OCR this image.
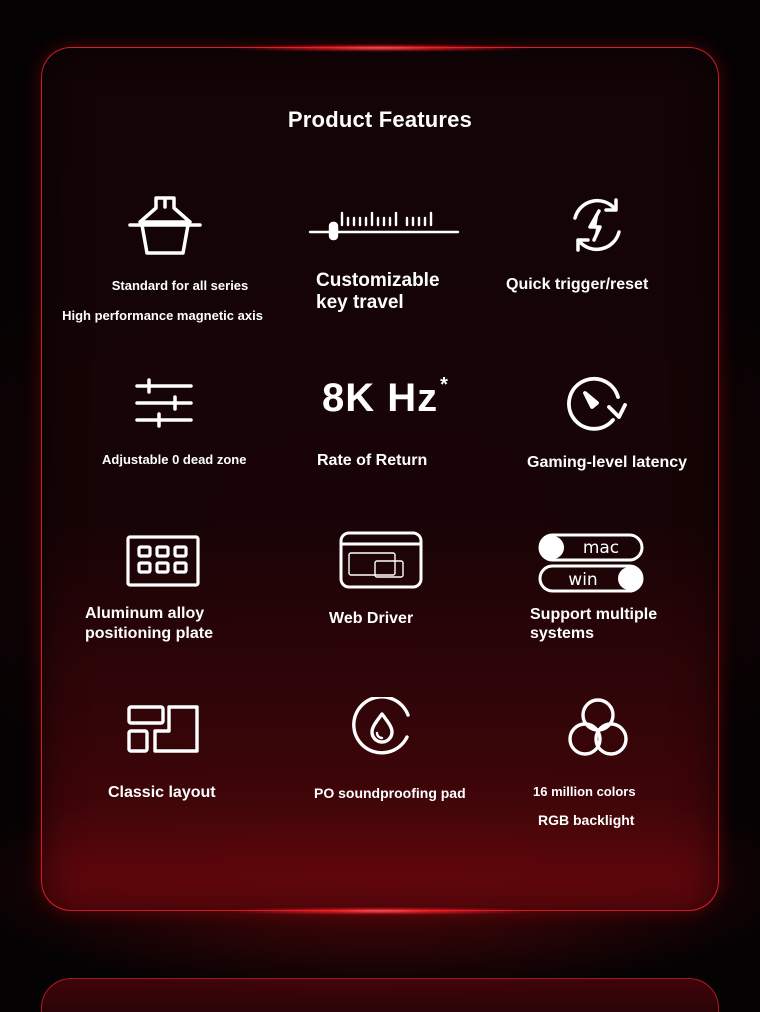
Product Features
Standard for all series
High performance magnetic axis
Customizable
key travel
Quick trigger/reset
Adjustable 0 dead zone
8K Hz *
Rate of Return	Gaming-level latency
Aluminum alloy
positioning plate
Web Driver
mac
win
Support multiple
systems
Classic layout	PO soundproofing pad	16 million colors
RGB backlight
